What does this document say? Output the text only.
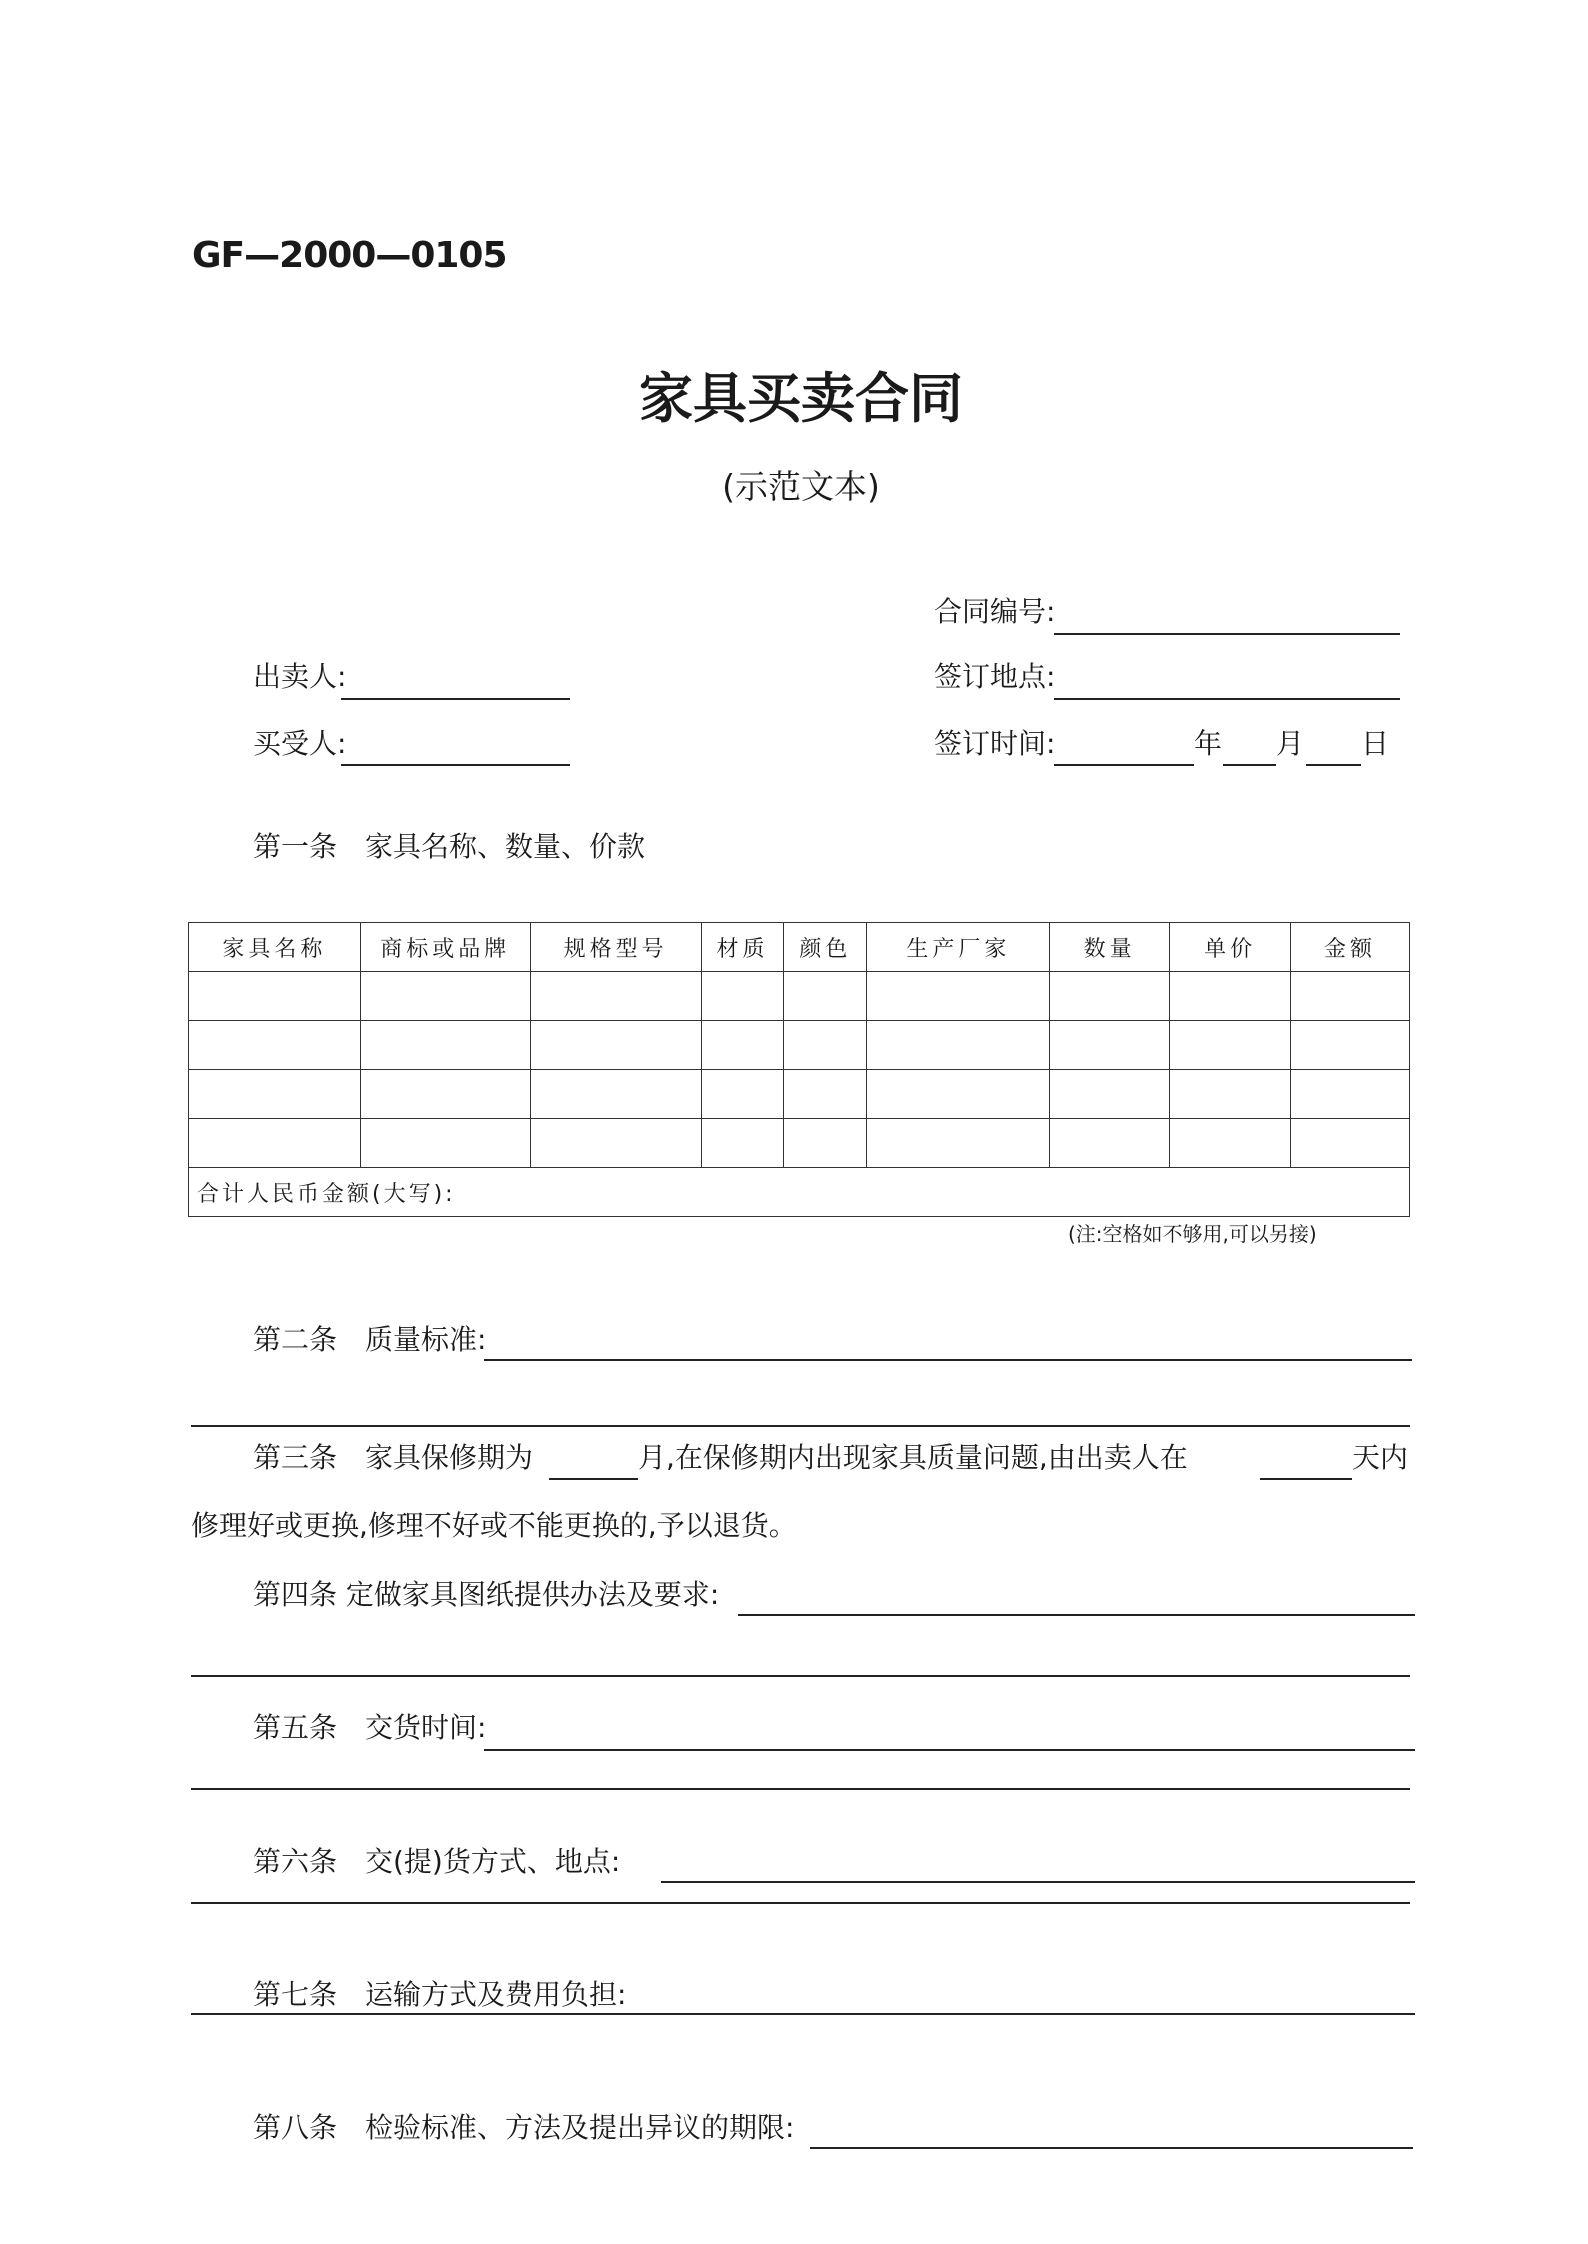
GF—2000—0105
家具买卖合同
(示范文本)
合同编号:
出卖人:	签订地点:
买受人:	签订时间:	年 月 日
第一条　家具名称、数量、价款
家具名称	商标或品牌	规格型号	材质	颜色	生产厂家	数量	单价	金额

合计人民币金额(大写):								
(注:空格如不够用,可以另接)
第二条　质量标准:
第三条　家具保修期为	月,在保修期内出现家具质量问题,由出卖人在	天内
修理好或更换,修理不好或不能更换的,予以退货。
第四条 定做家具图纸提供办法及要求:
第五条　交货时间:
第六条　交(提)货方式、地点:
第七条　运输方式及费用负担:
第八条　检验标准、方法及提出异议的期限:
